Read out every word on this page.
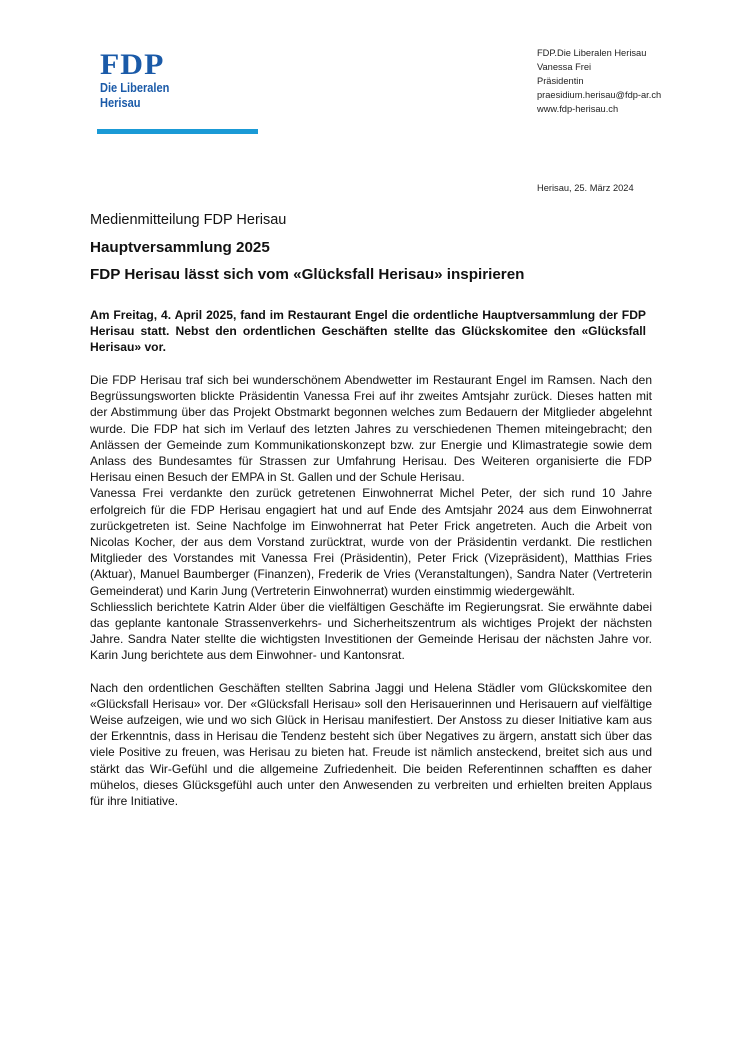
FDP
Die Liberalen
Herisau
FDP.Die Liberalen Herisau
Vanessa Frei
Präsidentin
praesidium.herisau@fdp-ar.ch
www.fdp-herisau.ch
Herisau, 25. März 2024
Medienmitteilung FDP Herisau
Hauptversammlung 2025
FDP Herisau lässt sich vom «Glücksfall Herisau» inspirieren
Am Freitag, 4. April 2025, fand im Restaurant Engel die ordentliche Hauptversammlung der FDP Herisau statt. Nebst den ordentlichen Geschäften stellte das Glückskomitee den «Glücksfall Herisau» vor.

Die FDP Herisau traf sich bei wunderschönem Abendwetter im Restaurant Engel im Ramsen. Nach den Begrüssungsworten blickte Präsidentin Vanessa Frei auf ihr zweites Amtsjahr zurück. Dieses hatten mit der Abstimmung über das Projekt Obstmarkt begonnen welches zum Bedauern der Mitglieder abgelehnt wurde. Die FDP hat sich im Verlauf des letzten Jahres zu verschiedenen Themen miteingebracht; den Anlässen der Gemeinde zum Kommunikationskonzept bzw. zur Energie und Klimastrategie sowie dem Anlass des Bundesamtes für Strassen zur Umfahrung Herisau. Des Weiteren organisierte die FDP Herisau einen Besuch der EMPA in St. Gallen und der Schule Herisau.

Vanessa Frei verdankte den zurück getretenen Einwohnerrat Michel Peter, der sich rund 10 Jahre erfolgreich für die FDP Herisau engagiert hat und auf Ende des Amtsjahr 2024 aus dem Einwohnerrat zurückgetreten ist. Seine Nachfolge im Einwohnerrat hat Peter Frick angetreten. Auch die Arbeit von Nicolas Kocher, der aus dem Vorstand zurücktrat, wurde von der Präsidentin verdankt. Die restlichen Mitglieder des Vorstandes mit Vanessa Frei (Präsidentin), Peter Frick (Vizepräsident), Matthias Fries (Aktuar), Manuel Baumberger (Finanzen), Frederik de Vries (Veranstaltungen), Sandra Nater (Vertreterin Gemeinderat) und Karin Jung (Vertreterin Einwohnerrat) wurden einstimmig wiedergewählt.

Schliesslich berichtete Katrin Alder über die vielfältigen Geschäfte im Regierungsrat. Sie erwähnte dabei das geplante kantonale Strassenverkehrs- und Sicherheitszentrum als wichtiges Projekt der nächsten Jahre. Sandra Nater stellte die wichtigsten Investitionen der Gemeinde Herisau der nächsten Jahre vor. Karin Jung berichtete aus dem Einwohner- und Kantonsrat.

Nach den ordentlichen Geschäften stellten Sabrina Jaggi und Helena Städler vom Glückskomitee den «Glücksfall Herisau» vor. Der «Glücksfall Herisau» soll den Herisauerinnen und Herisauern auf vielfältige Weise aufzeigen, wie und wo sich Glück in Herisau manifestiert. Der Anstoss zu dieser Initiative kam aus der Erkenntnis, dass in Herisau die Tendenz besteht sich über Negatives zu ärgern, anstatt sich über das viele Positive zu freuen, was Herisau zu bieten hat. Freude ist nämlich ansteckend, breitet sich aus und stärkt das Wir-Gefühl und die allgemeine Zufriedenheit. Die beiden Referentinnen schafften es daher mühelos, dieses Glücksgefühl auch unter den Anwesenden zu verbreiten und erhielten breiten Applaus für ihre Initiative.
